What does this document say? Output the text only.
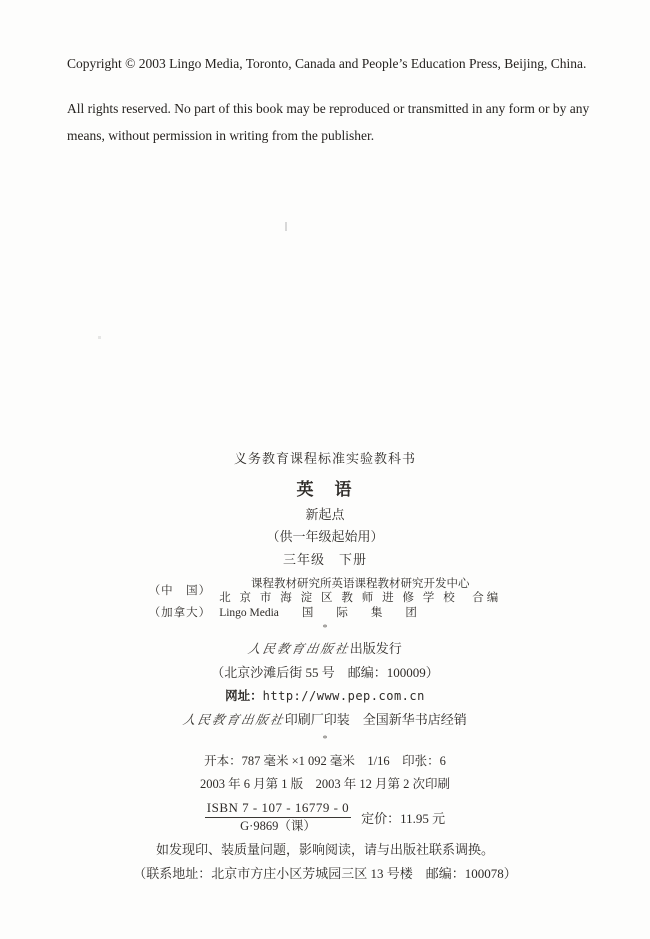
Copyright © 2003 Lingo Media, Toronto, Canada and People’s Education Press, Beijing, China.

All rights reserved. No part of this book may be reproduced or transmitted in any form or by any means, without permission in writing from the publisher.

义务教育课程标准实验教科书
英　语
新起点
（供一年级起始用）
三年级　下册
（中　国）
课程教材研究所英语课程教材研究开发中心
北 京 市 海 淀 区 教 师 进 修 学 校　合编
（加拿大） Lingo Media　　国　　际　　集　　团
*
人民教育出版社出版发行
（北京沙滩后街 55 号　邮编：100009）
网址：http://www.pep.com.cn
人民教育出版社印刷厂印装　全国新华书店经销
*
开本：787 毫米 ×1 092 毫米　1/16　印张：6
2003 年 6 月第 1 版　2003 年 12 月第 2 次印刷
$\frac{\text{ISBN 7 - 107 - 16779 - 0}}{\text{G·9869（课）}}$ 定价：11.95 元
如发现印、装质量问题，影响阅读，请与出版社联系调换。
（联系地址：北京市方庄小区芳城园三区 13 号楼　邮编：100078）
